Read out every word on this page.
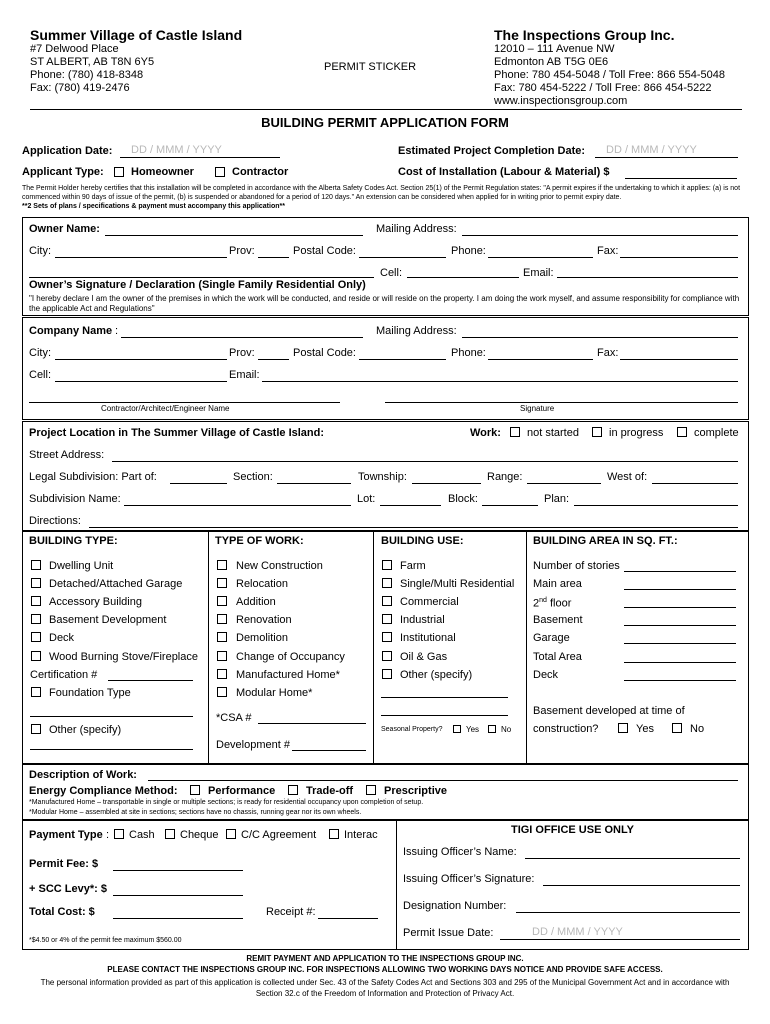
Summer Village of Castle Island
#7 Delwood Place
ST ALBERT, AB T8N 6Y5
Phone: (780) 418-8348
Fax: (780) 419-2476
PERMIT STICKER
The Inspections Group Inc.
12010 – 111 Avenue NW
Edmonton AB T5G 0E6
Phone: 780 454-5048 / Toll Free: 866 554-5048
Fax: 780 454-5222 / Toll Free: 866 454-5222
www.inspectionsgroup.com
BUILDING PERMIT APPLICATION FORM
Application Date: DD / MMM / YYYY	Estimated Project Completion Date: DD / MMM / YYYY
Applicant Type: Homeowner	Contractor	Cost of Installation (Labour & Material) $
The Permit Holder hereby certifies that this installation will be completed in accordance with the Alberta Safety Codes Act. Section 25(1) of the Permit Regulation states: "A permit expires if the undertaking to which it applies: (a) is not commenced within 90 days of issue of the permit, (b) is suspended or abandoned for a period of 120 days." An extension can be considered when applied for in writing prior to permit expiry date.
**2 Sets of plans / specifications & payment must accompany this application**
Owner Name:	Mailing Address:
City:	Prov:	Postal Code:	Phone:	Fax:
Cell:	Email:
Owner’s Signature / Declaration (Single Family Residential Only)
"I hereby declare I am the owner of the premises in which the work will be conducted, and reside or will reside on the property. I am doing the work myself, and assume responsibility for compliance with the applicable Act and Regulations"
Company Name :	Mailing Address:
City:	Prov:	Postal Code:	Phone:	Fax:
Cell:	Email:
Contractor/Architect/Engineer Name	Signature
Project Location in The Summer Village of Castle Island:	Work: not started	in progress	complete
Street Address:
Legal Subdivision: Part of:	Section:	Township:	Range:	West of:
Subdivision Name:	Lot:	Block:	Plan:
Directions:
BUILDING TYPE:
Dwelling Unit
Detached/Attached Garage
Accessory Building
Basement Development
Deck
Wood Burning Stove/Fireplace
Certification #
Foundation Type
Other (specify)
TYPE OF WORK:
New Construction
Relocation
Addition
Renovation
Demolition
Change of Occupancy
Manufactured Home*
Modular Home*
*CSA #
Development #
BUILDING USE:
Farm
Single/Multi Residential
Commercial
Industrial
Institutional
Oil & Gas
Other (specify)
Seasonal Property?	Yes	No
BUILDING AREA IN SQ. FT.:
Number of stories
Main area
2nd floor
Basement
Garage
Total Area
Deck
Basement developed at time of
construction?	Yes	No
Description of Work:
Energy Compliance Method:	Performance	Trade-off	Prescriptive
*Manufactured Home – transportable in single or multiple sections; is ready for residential occupancy upon completion of setup.
*Modular Home – assembled at site in sections; sections have no chassis, running gear nor its own wheels.
Payment Type : Cash Cheque C/C Agreement	Interac
Permit Fee: $
+ SCC Levy*: $
Total Cost: $	Receipt #:
*$4.50 or 4% of the permit fee maximum $560.00
TIGI OFFICE USE ONLY
Issuing Officer’s Name:
Issuing Officer’s Signature:
Designation Number:
Permit Issue Date:	DD / MMM / YYYY
REMIT PAYMENT AND APPLICATION TO THE INSPECTIONS GROUP INC.
PLEASE CONTACT THE INSPECTIONS GROUP INC. FOR INSPECTIONS ALLOWING TWO WORKING DAYS NOTICE AND PROVIDE SAFE ACCESS.
The personal information provided as part of this application is collected under Sec. 43 of the Safety Codes Act and Sections 303 and 295 of the Municipal Government Act and in accordance with Section 32.c of the Freedom of Information and Protection of Privacy Act.
